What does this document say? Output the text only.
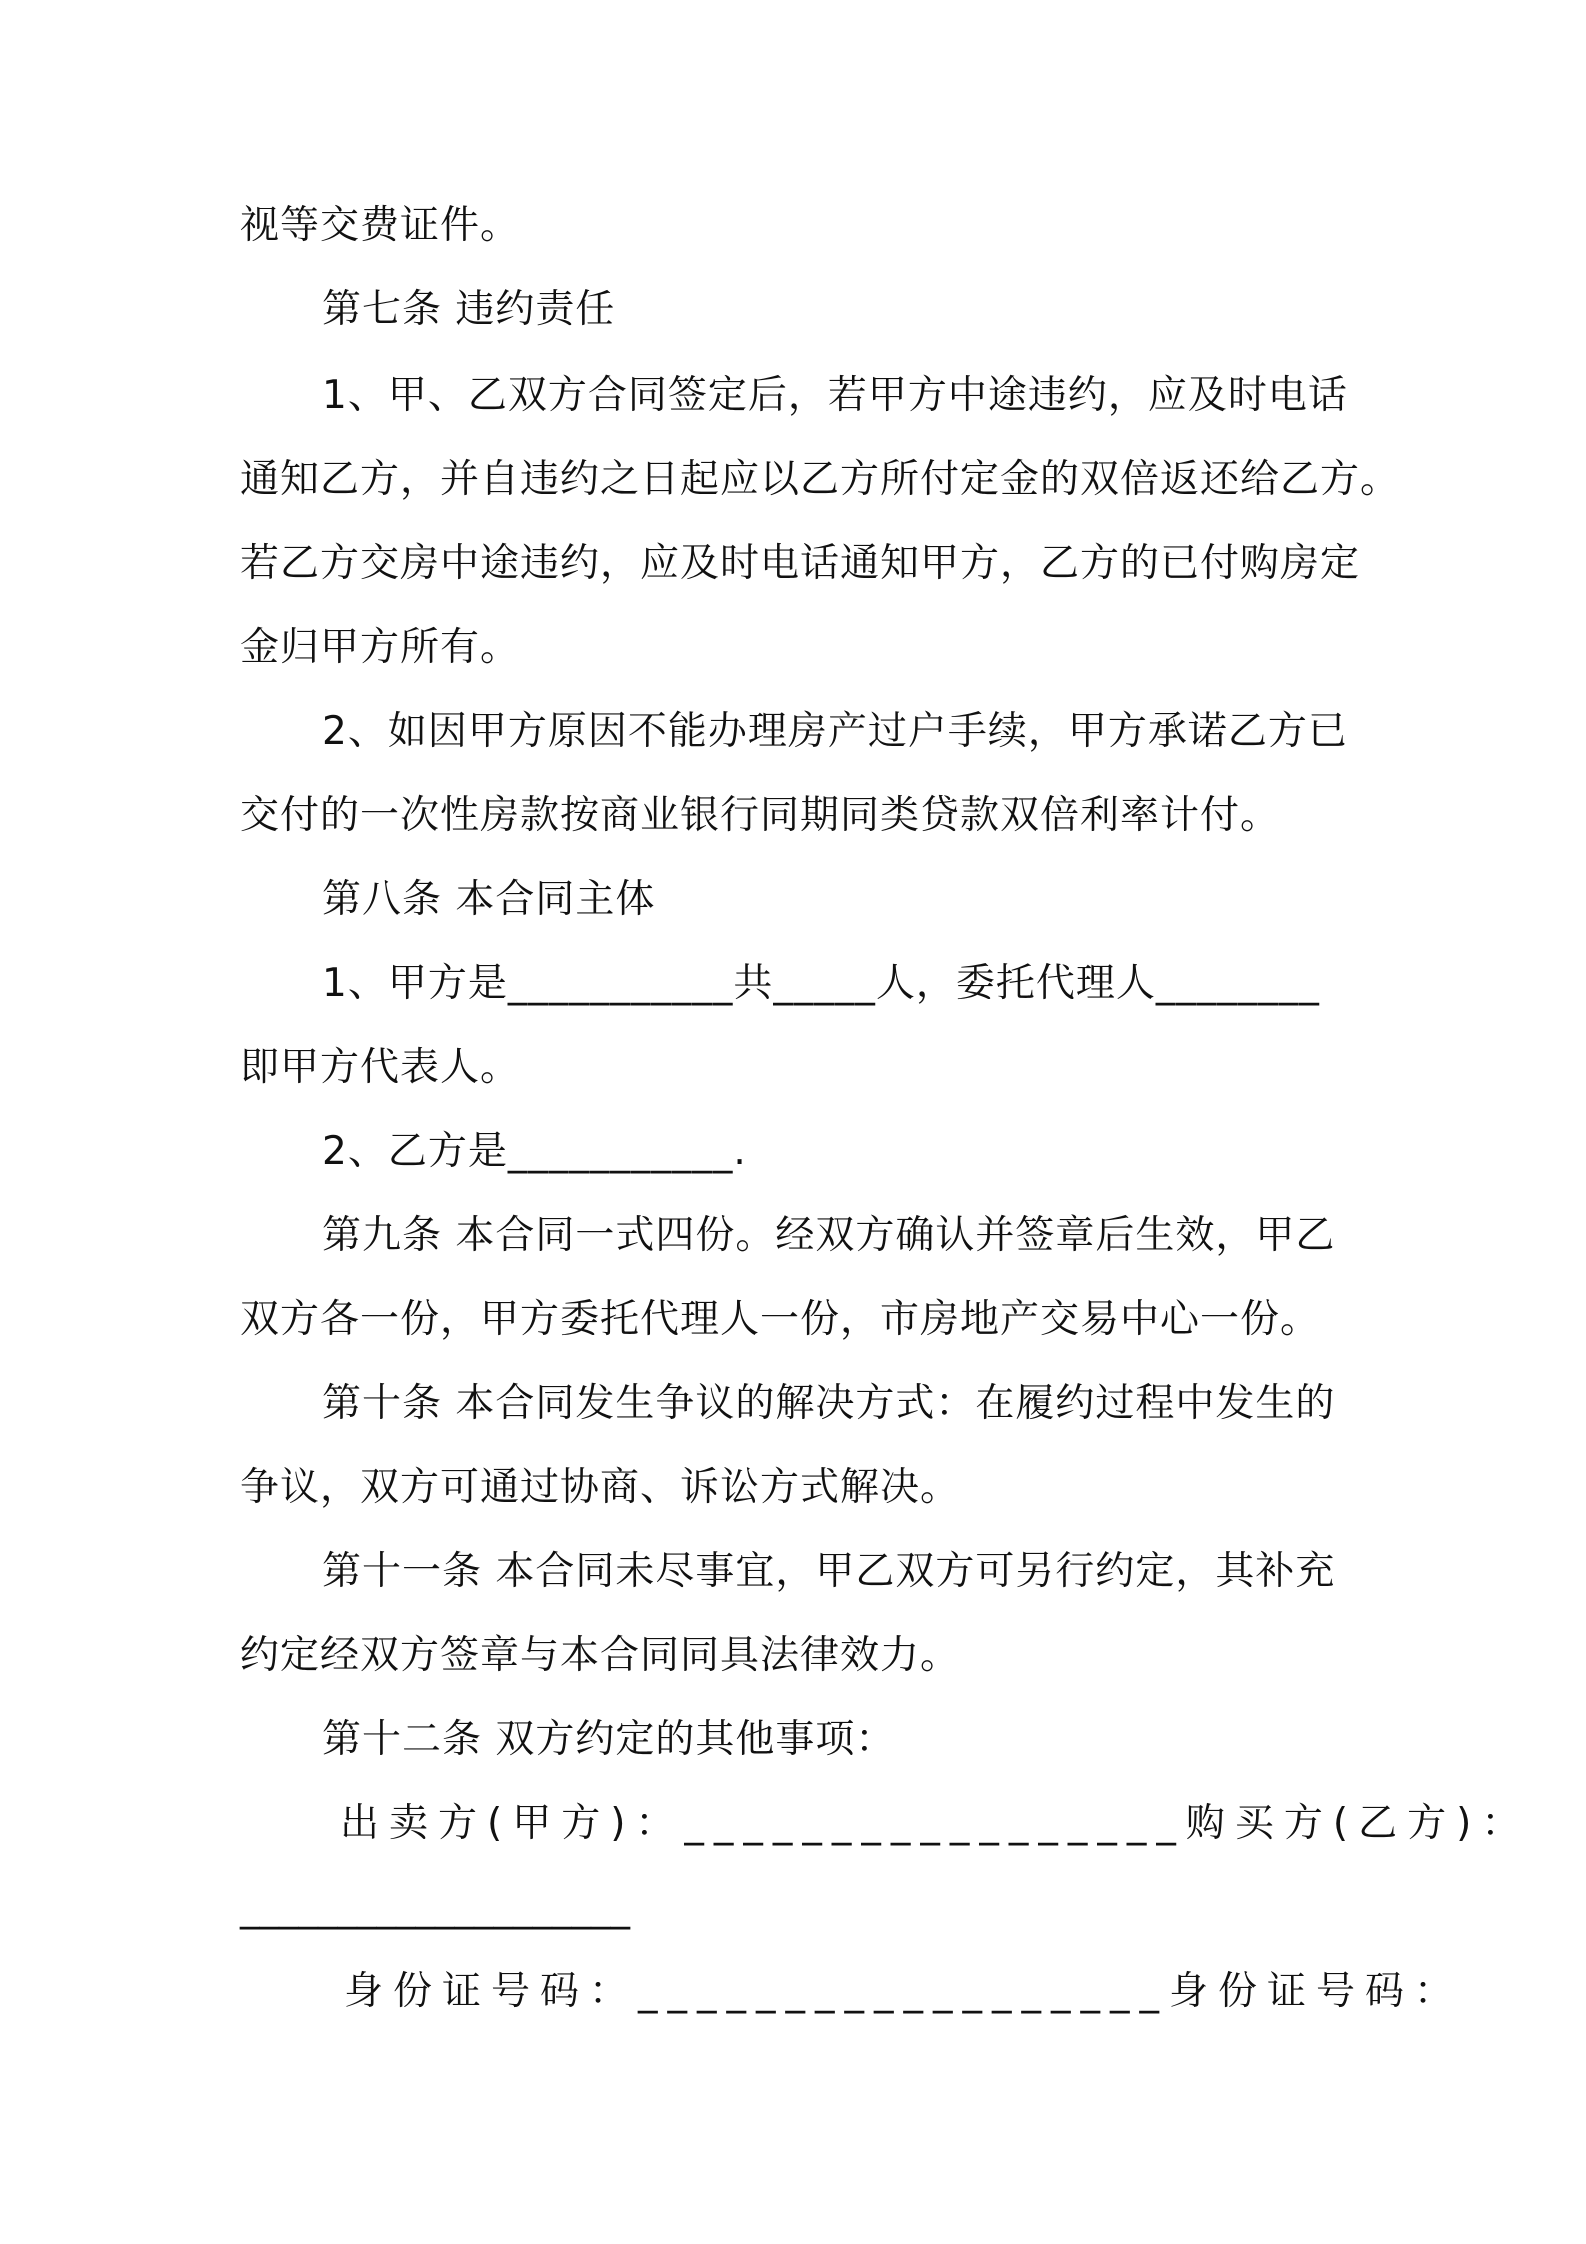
视等交费证件。
第七条 违约责任
1、甲、乙双方合同签定后，若甲方中途违约，应及时电话
通知乙方，并自违约之日起应以乙方所付定金的双倍返还给乙方。
若乙方交房中途违约，应及时电话通知甲方，乙方的已付购房定
金归甲方所有。
2、如因甲方原因不能办理房产过户手续，甲方承诺乙方已
交付的一次性房款按商业银行同期同类贷款双倍利率计付。
第八条 本合同主体
1、甲方是___________共_____人，委托代理人________
即甲方代表人。
2、乙方是___________.
第九条 本合同一式四份。经双方确认并签章后生效，甲乙
双方各一份，甲方委托代理人一份，市房地产交易中心一份。
第十条 本合同发生争议的解决方式：在履约过程中发生的
争议，双方可通过协商、诉讼方式解决。
第十一条 本合同未尽事宜，甲乙双方可另行约定，其补充
约定经双方签章与本合同同具法律效力。
第十二条 双方约定的其他事项：
出卖方(甲方)：_________________购买方(乙方)：
____________________
身份证号码：__________________身份证号码：
